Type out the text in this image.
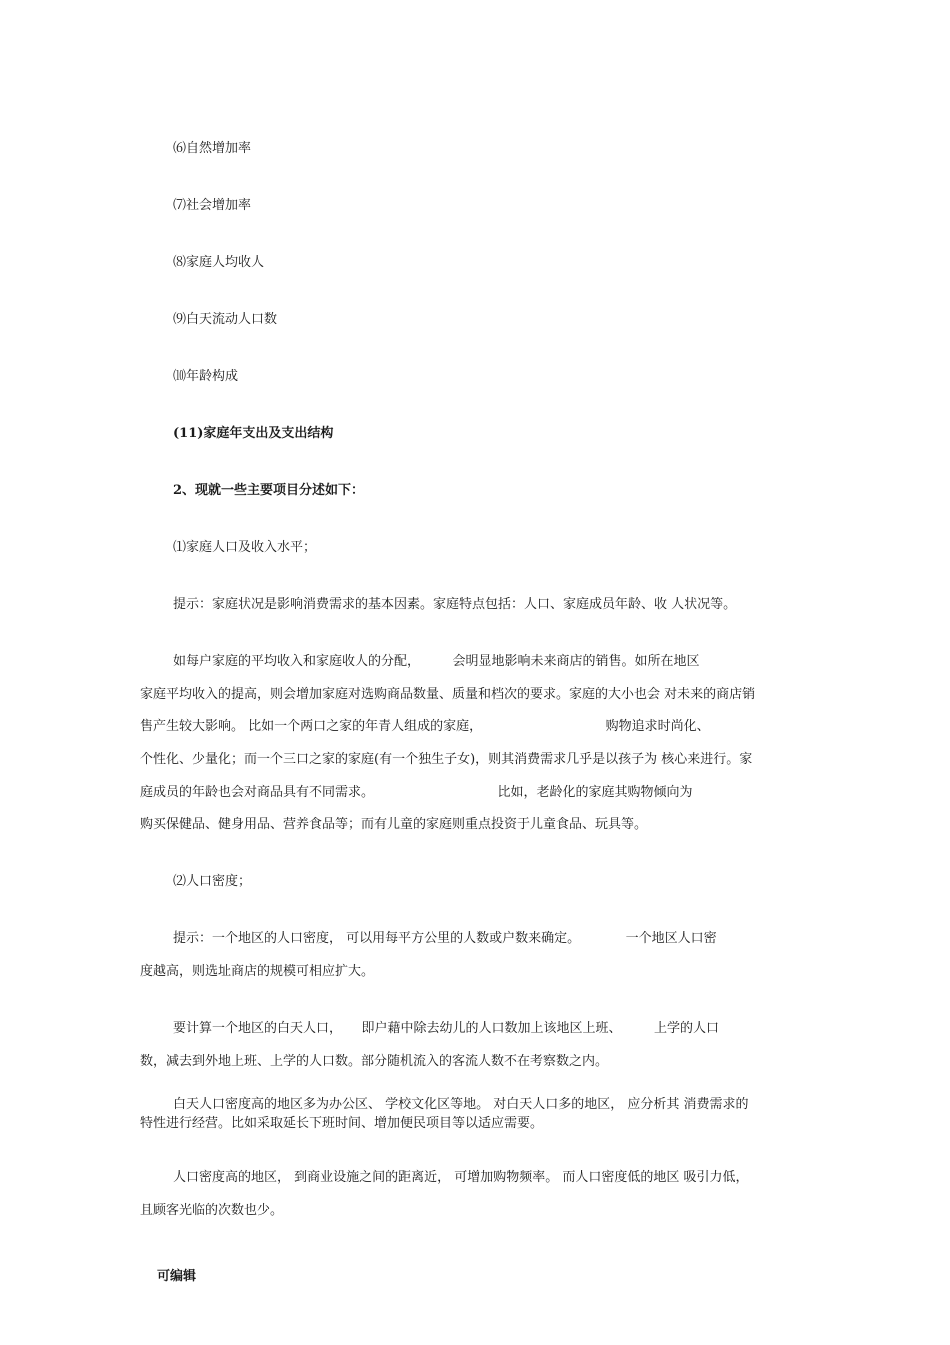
⑹自然增加率
⑺社会增加率
⑻家庭人均收人
⑼白天流动人口数
⑽年龄构成
(11)家庭年支出及支出结构
2、现就一些主要项目分述如下：
⑴家庭人口及收入水平；
提示：家庭状况是影响消费需求的基本因素。家庭特点包括：人口、家庭成员年龄、收 人状况等。
如每户家庭的平均收入和家庭收人的分配，　　　会明显地影响未来商店的销售。如所在地区
家庭平均收入的提高，则会增加家庭对选购商品数量、质量和档次的要求。家庭的大小也会 对未来的商店销
售产生较大影响。 比如一个两口之家的年青人组成的家庭，　　　　　　　　　　购物追求时尚化、
个性化、少量化；而一个三口之家的家庭(有一个独生子女)，则其消费需求几乎是以孩子为 核心来进行。家
庭成员的年龄也会对商品具有不同需求。　　　　　　　　　　比如，老龄化的家庭其购物倾向为
购买保健品、健身用品、营养食品等；而有儿童的家庭则重点投资于儿童食品、玩具等。
⑵人口密度；
提示：一个地区的人口密度， 可以用每平方公里的人数或户数来确定。　　　　一个地区人口密
度越高，则选址商店的规模可相应扩大。
要计算一个地区的白天人口，　　即户藉中除去幼儿的人口数加上该地区上班、　　　上学的人口
数，减去到外地上班、上学的人口数。部分随机流入的客流人数不在考察数之内。
白天人口密度高的地区多为办公区、 学校文化区等地。 对白天人口多的地区， 应分析其 消费需求的
特性进行经营。比如采取延长下班时间、增加便民项目等以适应需要。
人口密度高的地区， 到商业设施之间的距离近， 可增加购物频率。 而人口密度低的地区 吸引力低，
且顾客光临的次数也少。
可编辑
